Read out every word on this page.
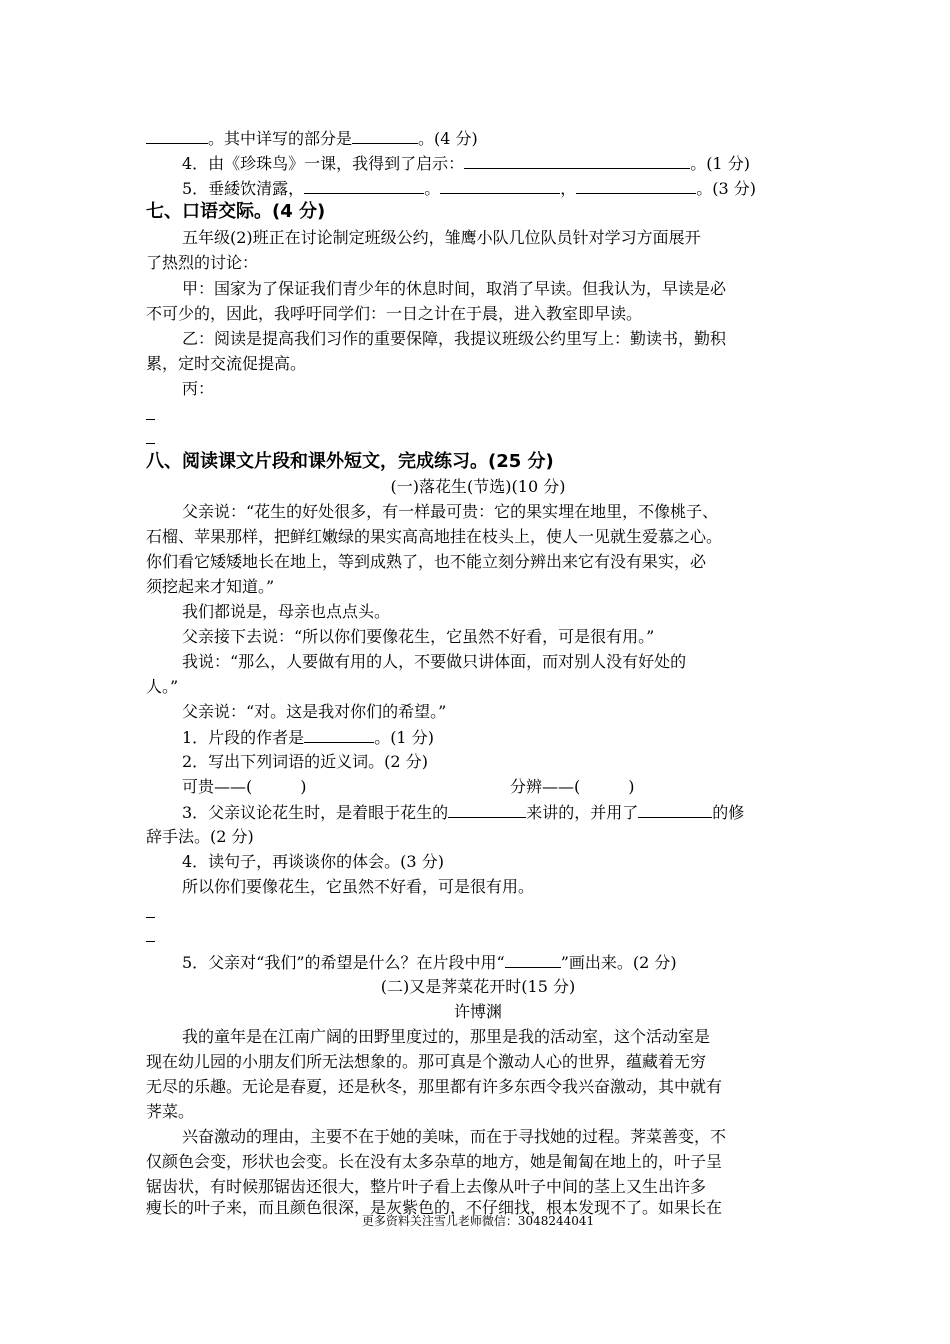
。其中详写的部分是	。(4 分)
4．由《珍珠鸟》一课，我得到了启示：	。(1 分)
5．垂緌饮清露，	。	，	。(3 分)
七、口语交际。(4 分)
五年级(2)班正在讨论制定班级公约，雏鹰小队几位队员针对学习方面展开
了热烈的讨论：
甲：国家为了保证我们青少年的休息时间，取消了早读。但我认为，早读是必
不可少的，因此，我呼吁同学们：一日之计在于晨，进入教室即早读。
乙：阅读是提高我们习作的重要保障，我提议班级公约里写上：勤读书，勤积
累，定时交流促提高。
丙：
八、阅读课文片段和课外短文，完成练习。(25 分)
(一)落花生(节选)(10 分)
父亲说：“花生的好处很多，有一样最可贵：它的果实埋在地里，不像桃子、
石榴、苹果那样，把鲜红嫩绿的果实高高地挂在枝头上，使人一见就生爱慕之心。
你们看它矮矮地长在地上，等到成熟了，也不能立刻分辨出来它有没有果实，必
须挖起来才知道。”
我们都说是，母亲也点点头。
父亲接下去说：“所以你们要像花生，它虽然不好看，可是很有用。”
我说：“那么，人要做有用的人，不要做只讲体面，而对别人没有好处的
人。”
父亲说：“对。这是我对你们的希望。”
1．片段的作者是	。(1 分)
2．写出下列词语的近义词。(2 分)
可贵——(　　　)	分辨——(　　　)
3．父亲议论花生时，是着眼于花生的	来讲的，并用了	的修
辞手法。(2 分)
4．读句子，再谈谈你的体会。(3 分)
所以你们要像花生，它虽然不好看，可是很有用。
5．父亲对“我们”的希望是什么？在片段中用“	”画出来。(2 分)
(二)又是荠菜花开时(15 分)
许博渊
我的童年是在江南广阔的田野里度过的，那里是我的活动室，这个活动室是
现在幼儿园的小朋友们所无法想象的。那可真是个激动人心的世界，蕴藏着无穷
无尽的乐趣。无论是春夏，还是秋冬，那里都有许多东西令我兴奋激动，其中就有
荠菜。
兴奋激动的理由，主要不在于她的美味，而在于寻找她的过程。荠菜善变，不
仅颜色会变，形状也会变。长在没有太多杂草的地方，她是匍匐在地上的，叶子呈
锯齿状，有时候那锯齿还很大，整片叶子看上去像从叶子中间的茎上又生出许多
瘦长的叶子来，而且颜色很深，是灰紫色的，不仔细找，根本发现不了。如果长在
更多资料关注雪儿老师微信：3048244041
